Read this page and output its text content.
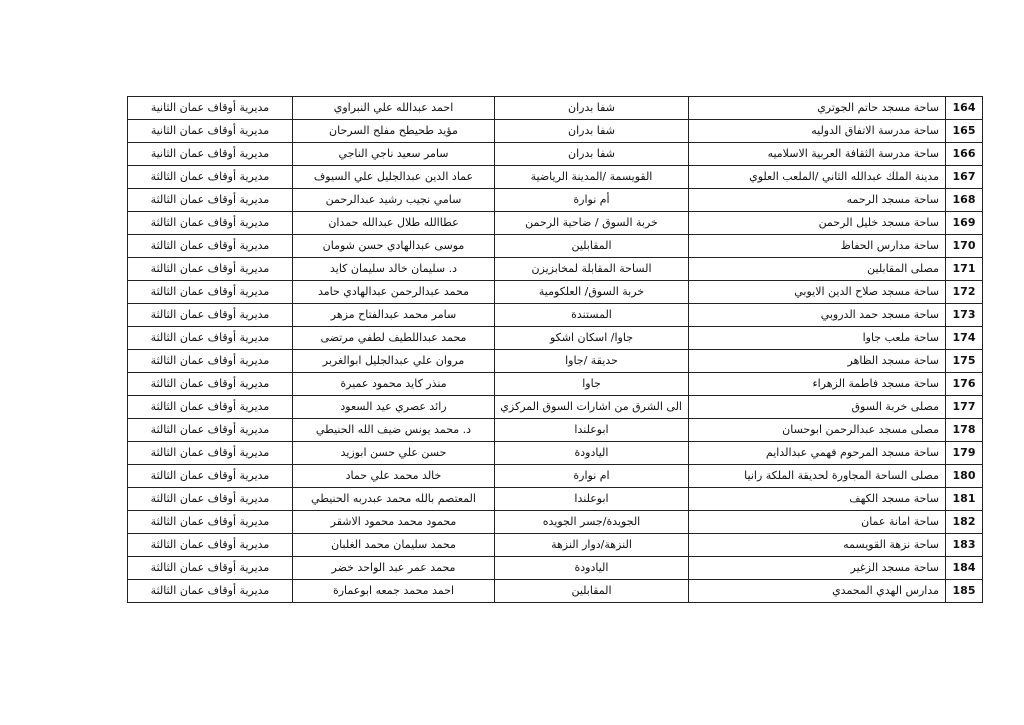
164	ساحة مسجد حاتم الجوتري	شفا بدران	احمد عبدالله علي النبراوي	مديرية أوقاف عمان الثانية
165	ساحة مدرسة الاتفاق الدوليه	شفا بدران	مؤيد طحيطح مفلح السرحان	مديرية أوقاف عمان الثانية
166	ساحة مدرسة الثقافة العربية الاسلاميه	شفا بدران	سامر سعيد ناجي الناجي	مديرية أوقاف عمان الثانية
167	مدينة الملك عبدالله الثاني /الملعب العلوي	القويسمة /المدينة الرياضية	عماد الدين عبدالجليل علي السيوف	مديرية أوقاف عمان الثالثة
168	ساحة مسجد الرحمه	أم نوارة	سامي نجيب رشيد عبدالرحمن	مديرية أوقاف عمان الثالثة
169	ساحة مسجد خليل الرحمن	خربة السوق / ضاحية الرحمن	عطاالله طلال عبدالله حمدان	مديرية أوقاف عمان الثالثة
170	ساحة مدارس الحفاظ	المقابلين	موسى عبدالهادي حسن شومان	مديرية أوقاف عمان الثالثة
171	مصلى المقابلين	الساحة المقابلة لمخابزيزن	د. سليمان خالد سليمان كايد	مديرية أوقاف عمان الثالثة
172	ساحة مسجد صلاح الدين الايوبي	خربة السوق/ العلكومية	محمد عبدالرحمن عبدالهادي حامد	مديرية أوقاف عمان الثالثة
173	ساحة مسجد حمد الدروبي	المستندة	سامر محمد عبدالفتاح مزهر	مديرية أوقاف عمان الثالثة
174	ساحة ملعب جاوا	جاوا/ اسكان اشكو	محمد عبداللطيف لطفي مرتضى	مديرية أوقاف عمان الثالثة
175	ساحة مسجد الظاهر	حديقة /جاوا	مروان علي عبدالجليل ابوالغربر	مديرية أوقاف عمان الثالثة
176	ساحة مسجد فاطمة الزهراء	جاوا	منذر كايد محمود عميرة	مديرية أوقاف عمان الثالثة
177	مصلى خربة السوق	الى الشرق من اشارات السوق المركزي	رائد عصري عيد السعود	مديرية أوقاف عمان الثالثة
178	مصلى مسجد عبدالرحمن ابوحسان	ابوعلندا	د. محمد يونس ضيف الله الحنيطي	مديرية أوقاف عمان الثالثة
179	ساحة مسجد المرحوم فهمي عبدالدايم	اليادودة	حسن علي حسن ابوزيد	مديرية أوقاف عمان الثالثة
180	مصلى الساحة المجاورة لحديقة الملكة رانيا	ام نوارة	خالد محمد علي حماد	مديرية أوقاف عمان الثالثة
181	ساحة مسجد الكهف	ابوعلندا	المعتصم بالله محمد عبدربه الحنيطي	مديرية أوقاف عمان الثالثة
182	ساحة امانة عمان	الجويدة/جسر الجويده	محمود محمد محمود الاشقر	مديرية أوقاف عمان الثالثة
183	ساحة نزهة القويسمه	النزهة/دوار النزهة	محمد سليمان محمد الغلبان	مديرية أوقاف عمان الثالثة
184	ساحة مسجد الزغير	اليادودة	محمد عمر عبد الواحد خضر	مديرية أوقاف عمان الثالثة
185	مدارس الهدي المحمدي	المقابلين	احمد محمد جمعه ابوعمارة	مديرية أوقاف عمان الثالثة
